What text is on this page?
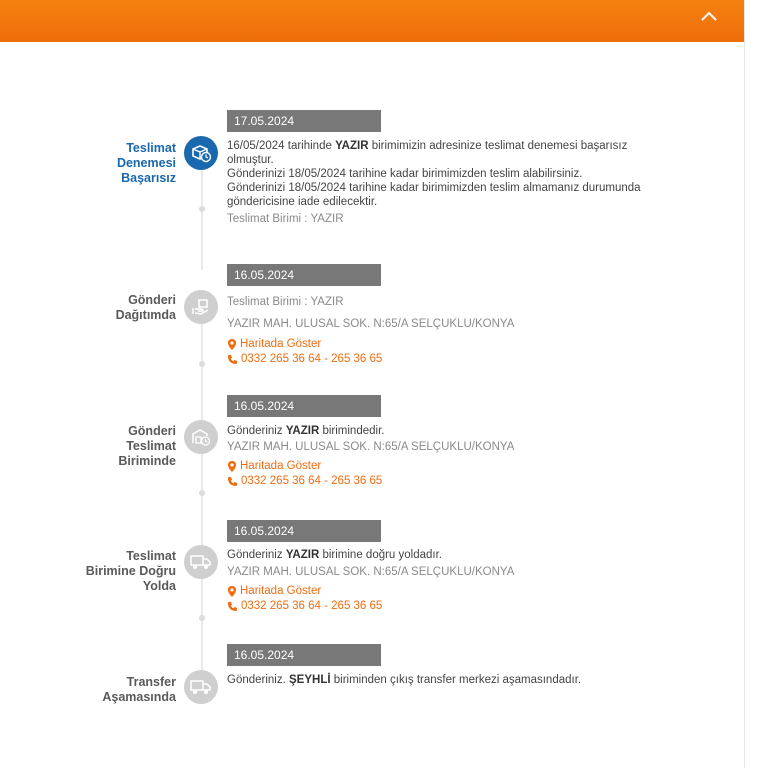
Teslimat
Denemesi
Başarısız
17.05.2024
16/05/2024 tarihinde YAZIR birimimizin adresinize teslimat denemesi başarısız
olmuştur.
Gönderinizi 18/05/2024 tarihine kadar birimimizden teslim alabilirsiniz.
Gönderinizi 18/05/2024 tarihine kadar birimimizden teslim almamanız durumunda
göndericisine iade edilecektir.
Teslimat Birimi : YAZIR
Gönderi
Dağıtımda
16.05.2024
Teslimat Birimi : YAZIR
YAZIR MAH. ULUSAL SOK. N:65/A SELÇUKLU/KONYA
Haritada Göster
0332 265 36 64 - 265 36 65
Gönderi
Teslimat
Biriminde
16.05.2024
Gönderiniz YAZIR birimindedir.
YAZIR MAH. ULUSAL SOK. N:65/A SELÇUKLU/KONYA
Haritada Göster
0332 265 36 64 - 265 36 65
Teslimat
Birimine Doğru
Yolda
16.05.2024
Gönderiniz YAZIR birimine doğru yoldadır.
YAZIR MAH. ULUSAL SOK. N:65/A SELÇUKLU/KONYA
Haritada Göster
0332 265 36 64 - 265 36 65
Transfer
Aşamasında
16.05.2024
Gönderiniz. ŞEYHLİ biriminden çıkış transfer merkezi aşamasındadır.
